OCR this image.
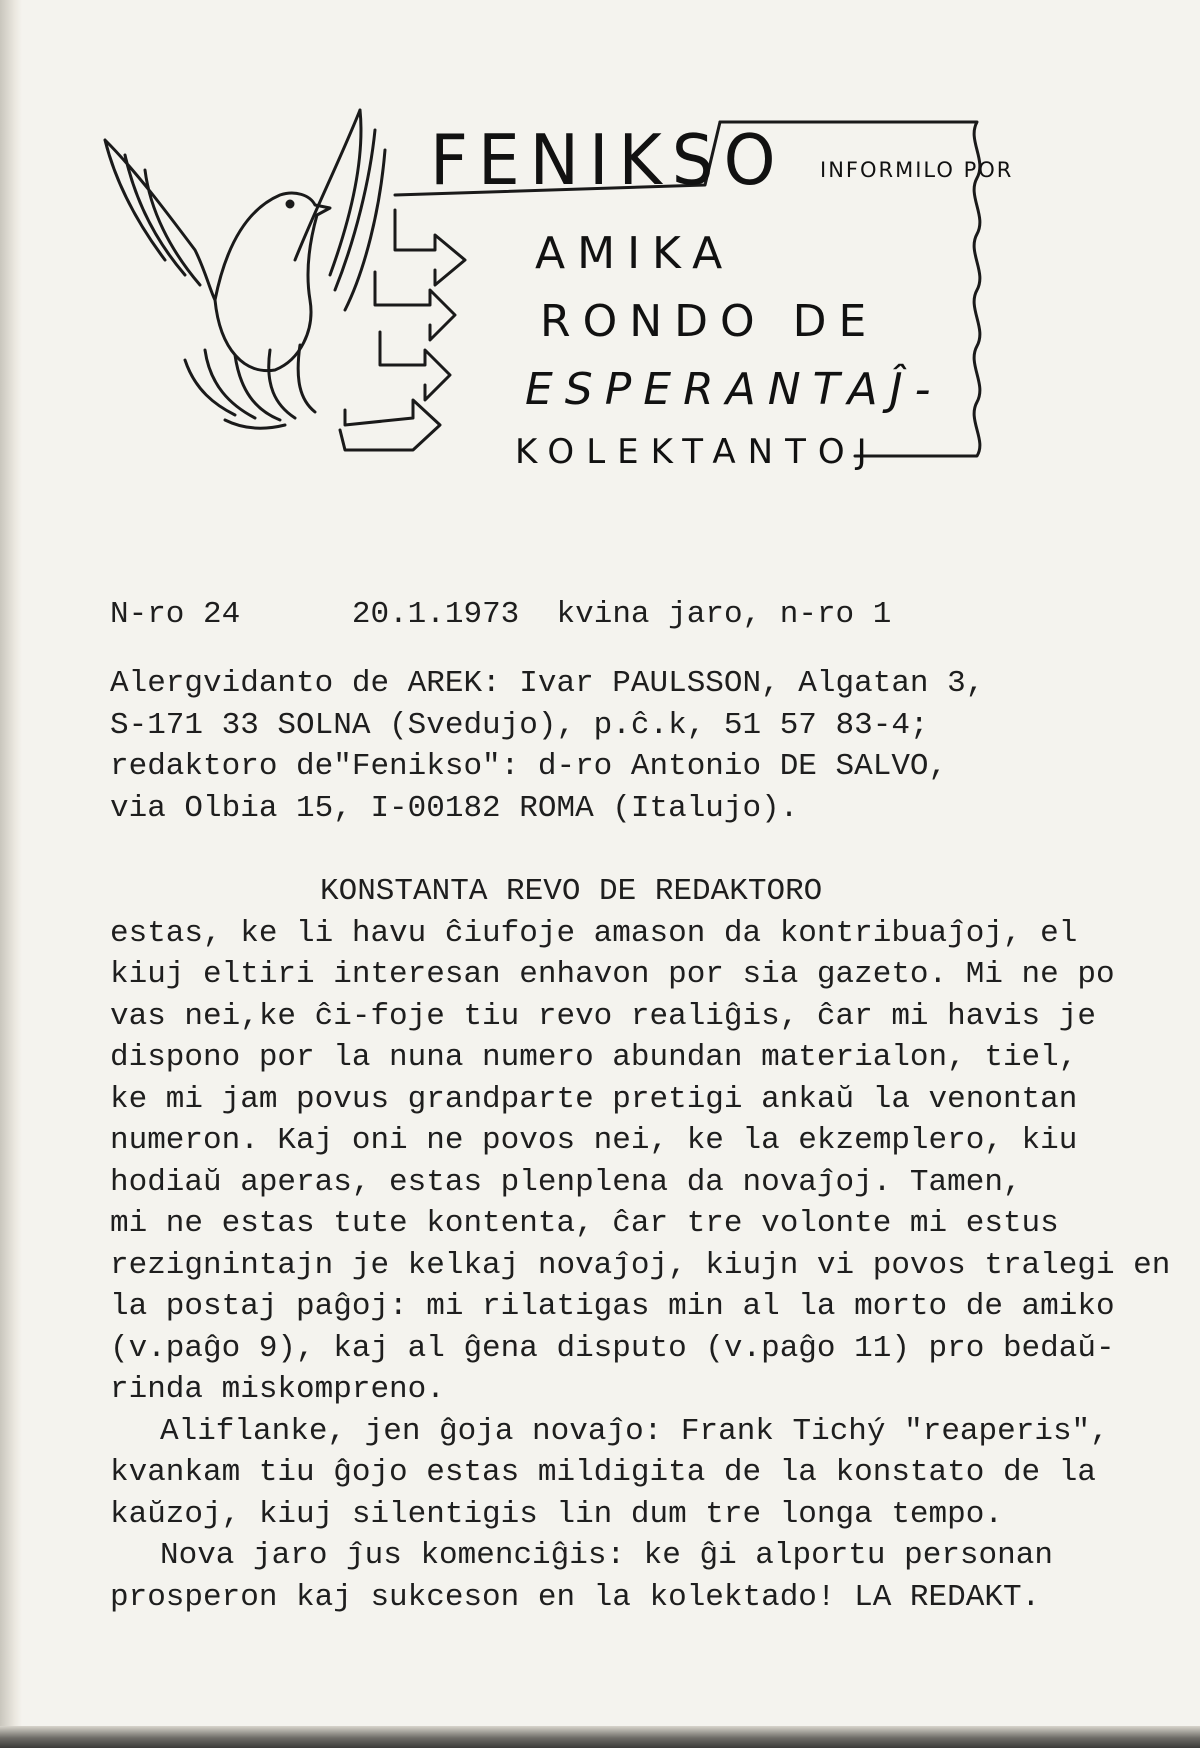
FENIKSO INFORMILO POR
AMIKA
RONDO DE
ESPERANTAĴ-
KOLEKTANTOJ
N-ro 24	20.1.1973 kvina jaro, n-ro 1
Alergvidanto de AREK: Ivar PAULSSON, Algatan 3,
S-171 33 SOLNA (Svedujo), p.ĉ.k, 51 57 83-4;
redaktoro de"Fenikso": d-ro Antonio DE SALVO,
via Olbia 15, I-00182 ROMA (Italujo).
KONSTANTA REVO DE REDAKTORO
estas, ke li havu ĉiufoje amason da kontribuaĵoj, el
kiuj eltiri interesan enhavon por sia gazeto. Mi ne po
vas nei,ke ĉi-foje tiu revo realiĝis, ĉar mi havis je
dispono por la nuna numero abundan materialon, tiel,
ke mi jam povus grandparte pretigi ankaŭ la venontan
numeron. Kaj oni ne povos nei, ke la ekzemplero, kiu
hodiaŭ aperas, estas plenplena da novaĵoj. Tamen,
mi ne estas tute kontenta, ĉar tre volonte mi estus
rezignintajn je kelkaj novaĵoj, kiujn vi povos tralegi en
la postaj paĝoj: mi rilatigas min al la morto de amiko
(v.paĝo 9), kaj al ĝena disputo (v.paĝo 11) pro bedaŭ-
rinda miskompreno.
Aliflanke, jen ĝoja novaĵo: Frank Tichý "reaperis",
kvankam tiu ĝojo estas mildigita de la konstato de la
kaŭzoj, kiuj silentigis lin dum tre longa tempo.
Nova jaro ĵus komenciĝis: ke ĝi alportu personan
prosperon kaj sukceson en la kolektado! LA REDAKT.
